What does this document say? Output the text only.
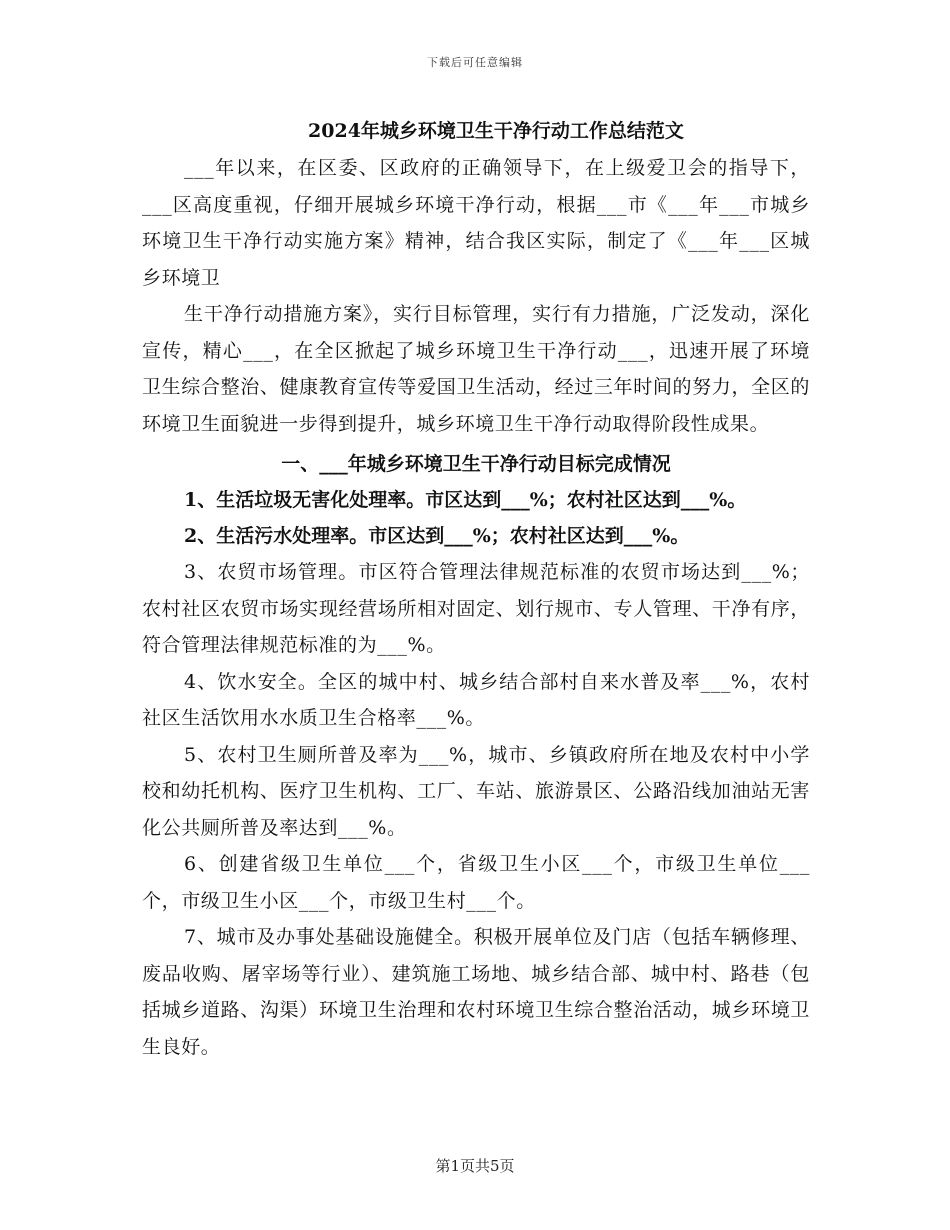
下载后可任意编辑
2024年城乡环境卫生干净行动工作总结范文

___年以来，在区委、区政府的正确领导下，在上级爱卫会的指导下，___区高度重视，仔细开展城乡环境干净行动，根据___市《___年___市城乡环境卫生干净行动实施方案》精神，结合我区实际，制定了《___年___区城乡环境卫

生干净行动措施方案》，实行目标管理，实行有力措施，广泛发动，深化宣传，精心___，在全区掀起了城乡环境卫生干净行动___，迅速开展了环境卫生综合整治、健康教育宣传等爱国卫生活动，经过三年时间的努力，全区的环境卫生面貌进一步得到提升，城乡环境卫生干净行动取得阶段性成果。

一、___年城乡环境卫生干净行动目标完成情况

1、生活垃圾无害化处理率。市区达到___%；农村社区达到___%。

2、生活污水处理率。市区达到___%；农村社区达到___%。

3、农贸市场管理。市区符合管理法律规范标准的农贸市场达到___%；农村社区农贸市场实现经营场所相对固定、划行规市、专人管理、干净有序，符合管理法律规范标准的为___%。

4、饮水安全。全区的城中村、城乡结合部村自来水普及率___%，农村社区生活饮用水水质卫生合格率___%。

5、农村卫生厕所普及率为___%，城市、乡镇政府所在地及农村中小学校和幼托机构、医疗卫生机构、工厂、车站、旅游景区、公路沿线加油站无害化公共厕所普及率达到___%。

6、创建省级卫生单位___个，省级卫生小区___个，市级卫生单位___个，市级卫生小区___个，市级卫生村___个。

7、城市及办事处基础设施健全。积极开展单位及门店（包括车辆修理、废品收购、屠宰场等行业）、建筑施工场地、城乡结合部、城中村、路巷（包括城乡道路、沟渠）环境卫生治理和农村环境卫生综合整治活动，城乡环境卫生良好。

第1页共5页
